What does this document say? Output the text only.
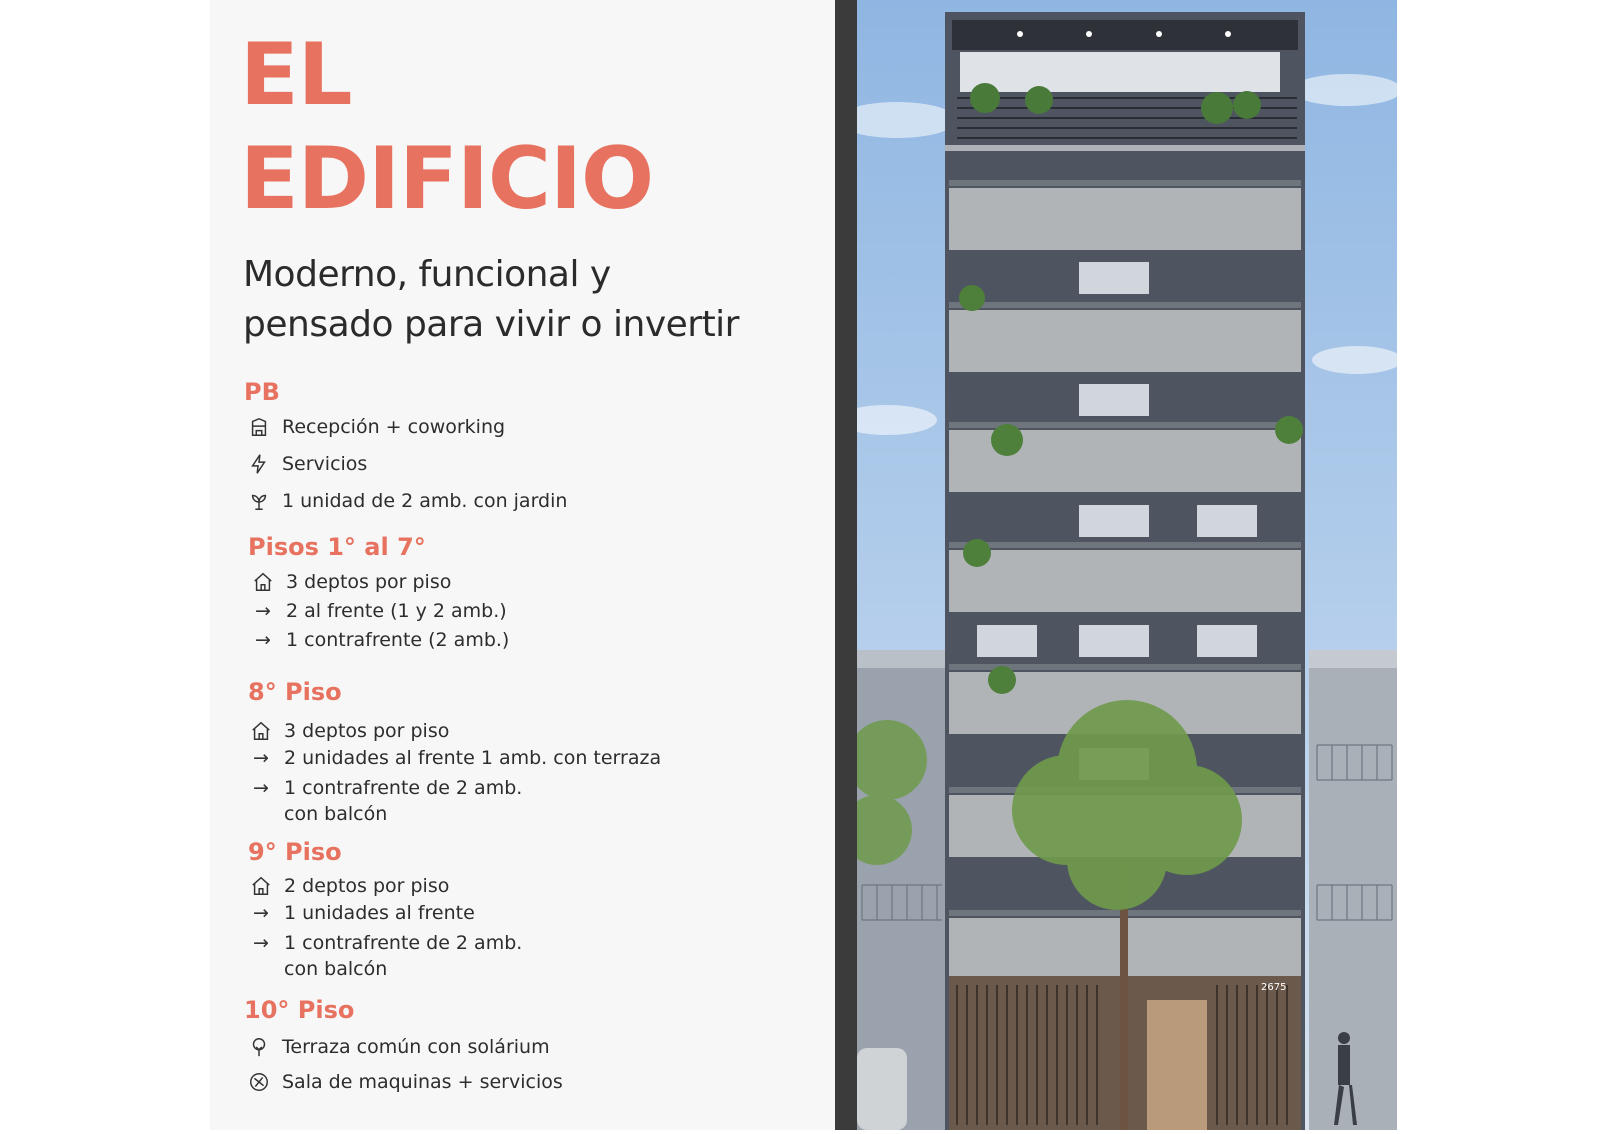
EL
EDIFICIO
Moderno, funcional y
pensado para vivir o invertir
PB
Recepción + coworking
Servicios
1 unidad de 2 amb. con jardin
Pisos 1° al 7°
3 deptos por piso
→ 2 al frente (1 y 2 amb.)
→ 1 contrafrente (2 amb.)
8° Piso
3 deptos por piso
→ 2 unidades al frente 1 amb. con terraza
→ 1 contrafrente de 2 amb.
con balcón
9° Piso
2 deptos por piso
→ 1 unidades al frente
→ 1 contrafrente de 2 amb.
con balcón
10° Piso
Terraza común con solárium
Sala de maquinas + servicios
2675
